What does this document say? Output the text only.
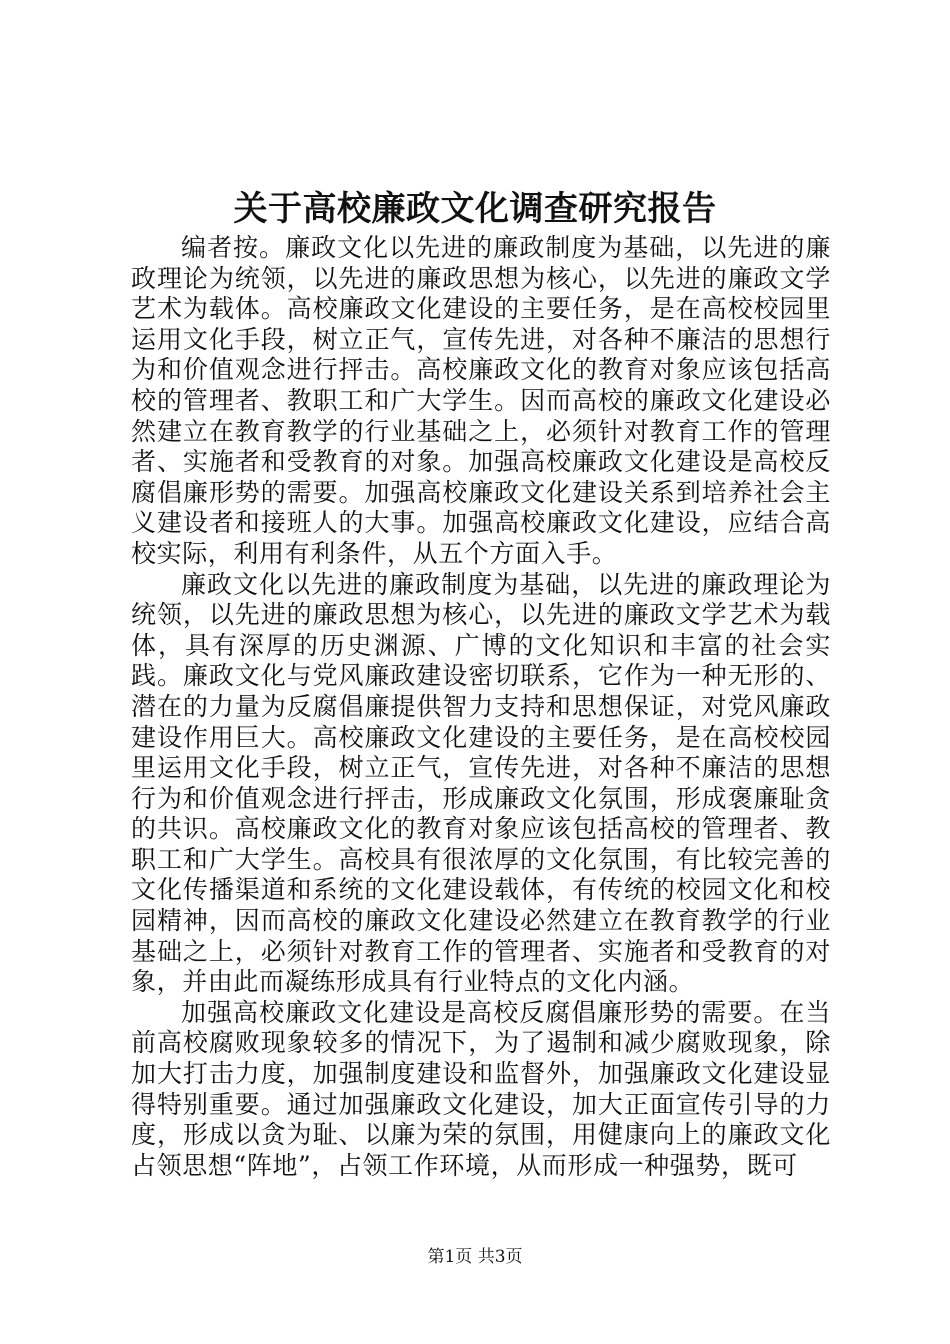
关于高校廉政文化调查研究报告

编者按。廉政文化以先进的廉政制度为基础，以先进的廉政理论为统领，以先进的廉政思想为核心，以先进的廉政文学艺术为载体。高校廉政文化建设的主要任务，是在高校校园里运用文化手段，树立正气，宣传先进，对各种不廉洁的思想行为和价值观念进行抨击。高校廉政文化的教育对象应该包括高校的管理者、教职工和广大学生。因而高校的廉政文化建设必然建立在教育教学的行业基础之上，必须针对教育工作的管理者、实施者和受教育的对象。加强高校廉政文化建设是高校反腐倡廉形势的需要。加强高校廉政文化建设关系到培养社会主义建设者和接班人的大事。加强高校廉政文化建设，应结合高校实际，利用有利条件，从五个方面入手。

廉政文化以先进的廉政制度为基础，以先进的廉政理论为统领，以先进的廉政思想为核心，以先进的廉政文学艺术为载体，具有深厚的历史渊源、广博的文化知识和丰富的社会实践。廉政文化与党风廉政建设密切联系，它作为一种无形的、潜在的力量为反腐倡廉提供智力支持和思想保证，对党风廉政建设作用巨大。高校廉政文化建设的主要任务，是在高校校园里运用文化手段，树立正气，宣传先进，对各种不廉洁的思想行为和价值观念进行抨击，形成廉政文化氛围，形成褒廉耻贪的共识。高校廉政文化的教育对象应该包括高校的管理者、教职工和广大学生。高校具有很浓厚的文化氛围，有比较完善的文化传播渠道和系统的文化建设载体，有传统的校园文化和校园精神，因而高校的廉政文化建设必然建立在教育教学的行业基础之上，必须针对教育工作的管理者、实施者和受教育的对象，并由此而凝练形成具有行业特点的文化内涵。

加强高校廉政文化建设是高校反腐倡廉形势的需要。在当前高校腐败现象较多的情况下，为了遏制和减少腐败现象，除加大打击力度，加强制度建设和监督外，加强廉政文化建设显得特别重要。通过加强廉政文化建设，加大正面宣传引导的力度，形成以贪为耻、以廉为荣的氛围，用健康向上的廉政文化占领思想“阵地”，占领工作环境，从而形成一种强势，既可

第1页 共3页
